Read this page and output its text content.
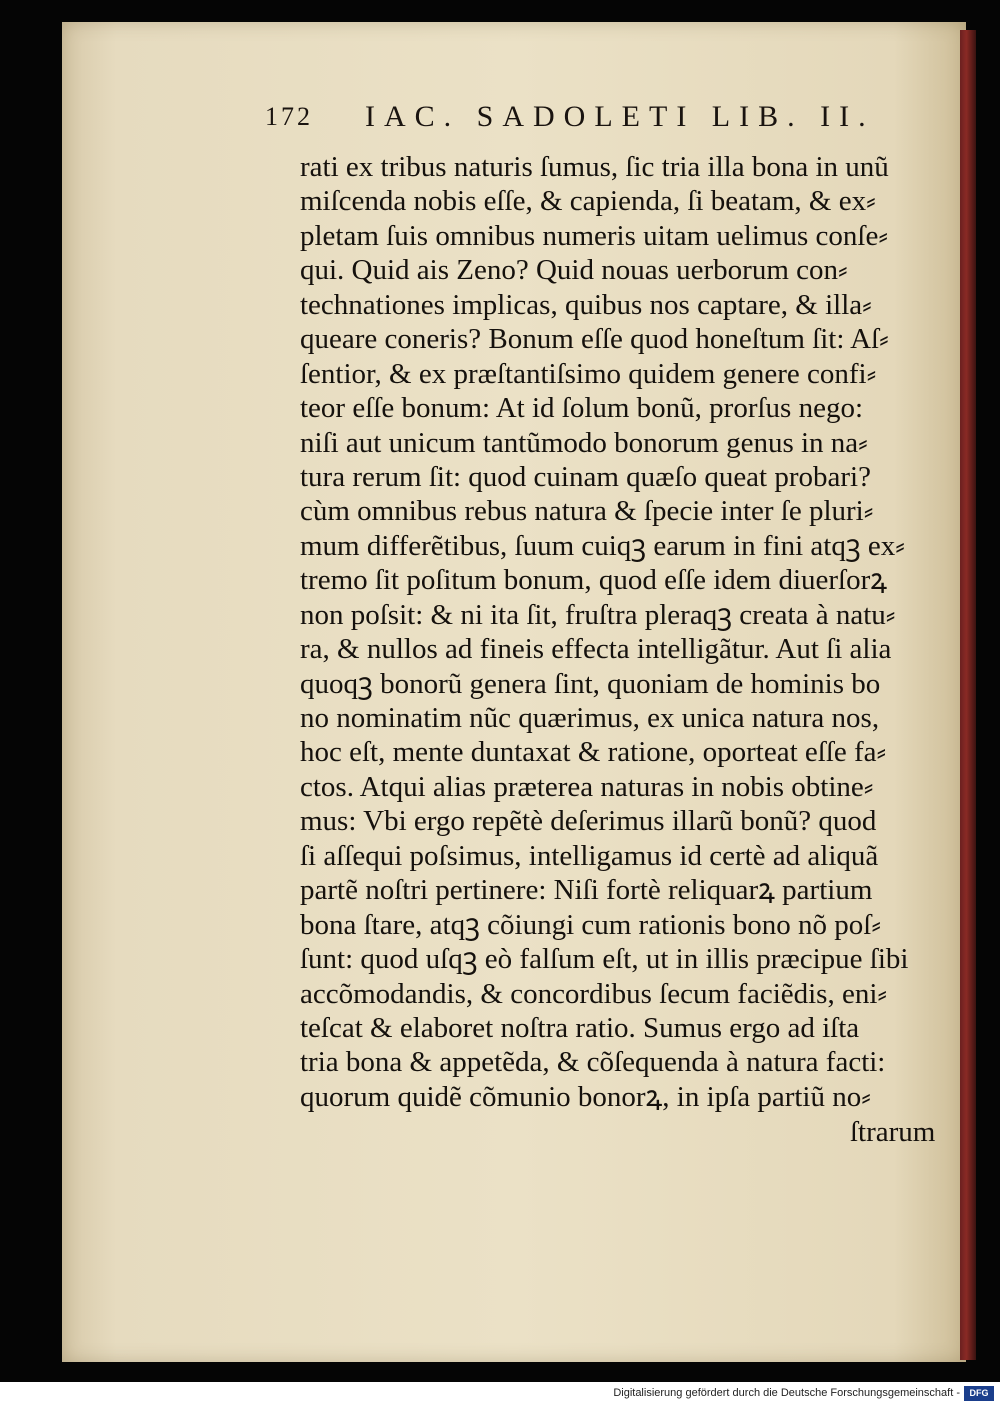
172 IAC. SADOLETI LIB. II.
rati ex tribus naturis ſumus, ſic tria illa bona in unũ
miſcenda nobis eſſe, & capienda, ſi beatam, & ex⸗
pletam ſuis omnibus numeris uitam uelimus conſe⸗
qui. Quid ais Zeno? Quid nouas uerborum con⸗
technationes implicas, quibus nos captare, & illa⸗
queare coneris? Bonum eſſe quod honeſtum ſit: Aſ⸗
ſentior, & ex præſtantiſsimo quidem genere confi⸗
teor eſſe bonum: At id ſolum bonũ, prorſus nego:
niſi aut unicum tantũmodo bonorum genus in na⸗
tura rerum ſit: quod cuinam quæſo queat probari?
cùm omnibus rebus natura & ſpecie inter ſe pluri⸗
mum differẽtibus, ſuum cuiqꝫ earum in fini atqꝫ ex⸗
tremo ſit poſitum bonum, quod eſſe idem diuerſorꝝ
non poſsit: & ni ita ſit, fruſtra pleraqꝫ creata à natu⸗
ra, & nullos ad fineis effecta intelligãtur. Aut ſi alia
quoqꝫ bonorũ genera ſint, quoniam de hominis bo
no nominatim nũc quærimus, ex unica natura nos,
hoc eſt, mente duntaxat & ratione, oporteat eſſe fa⸗
ctos. Atqui alias præterea naturas in nobis obtine⸗
mus: Vbi ergo repẽtè deſerimus illarũ bonũ? quod
ſi aſſequi poſsimus, intelligamus id certè ad aliquã
partẽ noſtri pertinere: Niſi fortè reliquarꝝ partium
bona ſtare, atqꝫ cõiungi cum rationis bono nõ poſ⸗
ſunt: quod uſqꝫ eò falſum eſt, ut in illis præcipue ſibi
accõmodandis, & concordibus ſecum faciẽdis, eni⸗
teſcat & elaboret noſtra ratio. Sumus ergo ad iſta
tria bona & appetẽda, & cõſequenda à natura facti:
quorum quidẽ cõmunio bonorꝝ, in ipſa partiũ no⸗
ſtrarum
Digitalisierung gefördert durch die Deutsche Forschungsgemeinschaft -	DFG
